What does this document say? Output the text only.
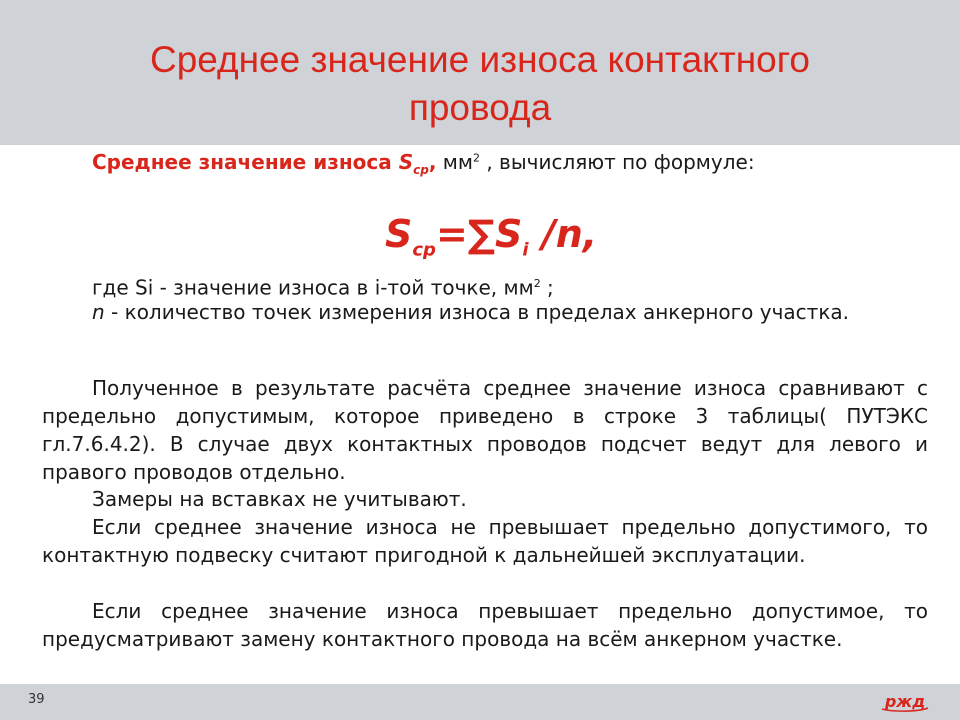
Среднее значение износа контактного
провода
Среднее значение износа $S_{ср}$, $мм^2$ , вычисляют по формуле:
$S_{ср}=\sum S_i$ /n,
где Si - значение износа в i-той точке, $мм^2$ ;
n - количество точек измерения износа в пределах анкерного участка.
Полученное в результате расчёта среднее значение износа сравнивают с предельно допустимым, которое приведено в строке 3 таблицы( ПУТЭКС гл.7.6.4.2). В случае двух контактных проводов подсчет ведут для левого и правого проводов отдельно.
Замеры на вставках не учитывают.
Если среднее значение износа не превышает предельно допустимого, то контактную подвеску считают пригодной к дальнейшей эксплуатации.
Если среднее значение износа превышает предельно допустимое, то предусматривают замену контактного провода на всём анкерном участке.
39	ржд
